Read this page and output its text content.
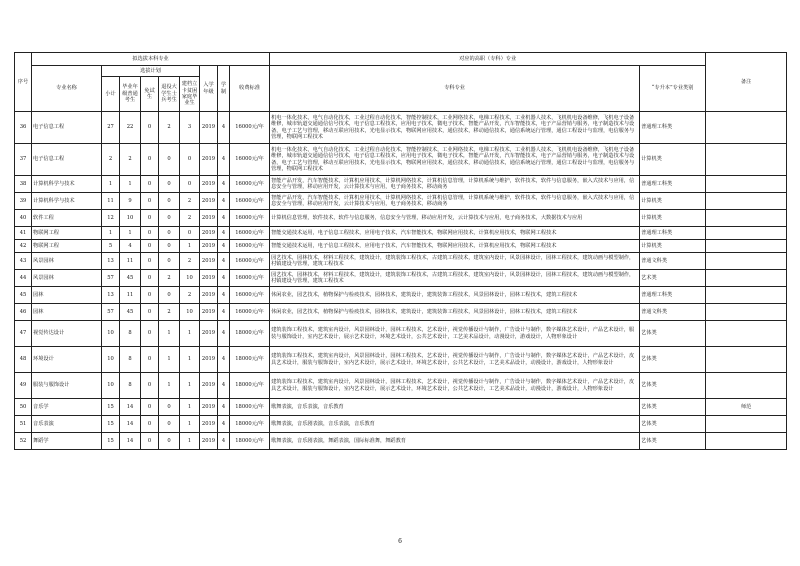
序号	拟选拔本科专业									对应的高职（专科）专业		备注
	专业名称	选拔计划					入学年级	学制	收费标准	专科专业	“专升本”专业类别	
		小计	毕业年级普通考生	免试生	退役大学生士兵考生	建档立卡贫困家庭毕业生						
36	电子信息工程	27	22	0	2	3	2019	4	16000元/年	机电一体化技术，电气自动化技术，工业过程自动化技术，智能控制技术，工业网络技术，电梯工程技术，工业机器人技术，飞机机电设备维修，飞机电子设备维修，城市轨道交通通信信号技术，电子信息工程技术，应用电子技术，微电子技术，智能产品开发，汽车智能技术，电子产品营销与服务，电子制造技术与设备，电子工艺与管理，移动互联应用技术，光电显示技术，物联网应用技术，通信技术，移动通信技术，通信系统运行管理，通信工程设计与监理，电信服务与管理，物联网工程技术	普通理工科类	
37	电子信息工程	2	2	0	0	0	2019	4	16000元/年	机电一体化技术，电气自动化技术，工业过程自动化技术，智能控制技术，工业网络技术，电梯工程技术，工业机器人技术，飞机机电设备维修，飞机电子设备维修，城市轨道交通通信信号技术，电子信息工程技术，应用电子技术，微电子技术，智能产品开发，汽车智能技术，电子产品营销与服务，电子制造技术与设备，电子工艺与管理，移动互联应用技术，光电显示技术，物联网应用技术，通信技术，移动通信技术，通信系统运行管理，通信工程设计与监理，电信服务与管理，物联网工程技术	计算机类	
38	计算机科学与技术	1	1	0	0	0	2019	4	16000元/年	智能产品开发，汽车智能技术，计算机应用技术，计算机网络技术，计算机信息管理，计算机系统与维护，软件技术，软件与信息服务，嵌入式技术与应用，信息安全与管理，移动应用开发，云计算技术与应用，电子商务技术，移动商务	普通理工科类	
39	计算机科学与技术	11	9	0	0	2	2019	4	16000元/年	智能产品开发，汽车智能技术，计算机应用技术，计算机网络技术，计算机信息管理，计算机系统与维护，软件技术，软件与信息服务，嵌入式技术与应用，信息安全与管理，移动应用开发，云计算技术与应用，电子商务技术，移动商务	计算机类	
40	软件工程	12	10	0	0	2	2019	4	16000元/年	计算机信息管理，软件技术，软件与信息服务，信息安全与管理，移动应用开发，云计算技术与应用，电子商务技术，大数据技术与应用	计算机类	
41	物联网工程	1	1	0	0	0	2019	4	16000元/年	智能交通技术运用，电子信息工程技术，应用电子技术，汽车智能技术，物联网应用技术，计算机应用技术，物联网工程技术	普通理工科类	
42	物联网工程	5	4	0	0	1	2019	4	16000元/年	智能交通技术运用，电子信息工程技术，应用电子技术，汽车智能技术，物联网应用技术，计算机应用技术，物联网工程技术	计算机类	
43	风景园林	13	11	0	0	2	2019	4	16000元/年	园艺技术，园林技术，材料工程技术，建筑设计，建筑装饰工程技术，古建筑工程技术，建筑室内设计，风景园林设计，园林工程技术，建筑动画与模型制作，村镇建设与管理，建筑工程技术	普通文科类	
44	风景园林	57	45	0	2	10	2019	4	16000元/年	园艺技术，园林技术，材料工程技术，建筑设计，建筑装饰工程技术，古建筑工程技术，建筑室内设计，风景园林设计，园林工程技术，建筑动画与模型制作，村镇建设与管理，建筑工程技术	艺术类	
45	园林	13	11	0	0	2	2019	4	16000元/年	休闲农业，园艺技术，植物保护与检疫技术，园林技术，建筑设计，建筑装饰工程技术，风景园林设计，园林工程技术，建筑工程技术	普通理工科类	
46	园林	57	45	0	2	10	2019	4	16000元/年	休闲农业，园艺技术，植物保护与检疫技术，园林技术，建筑设计，建筑装饰工程技术，风景园林设计，园林工程技术，建筑工程技术	普通文科类	
47	视觉传达设计	10	8	0	1	1	2019	4	18000元/年	建筑装饰工程技术，建筑室内设计，风景园林设计，园林工程技术，艺术设计，视觉传播设计与制作，广告设计与制作，数字媒体艺术设计，产品艺术设计，服装与服饰设计，室内艺术设计，展示艺术设计，环境艺术设计，公共艺术设计，工艺美术品设计，动漫设计，游戏设计，人物形象设计	艺体类	
48	环境设计	10	8	0	1	1	2019	4	18000元/年	建筑装饰工程技术，建筑室内设计，风景园林设计，园林工程技术，艺术设计，视觉传播设计与制作，广告设计与制作，数字媒体艺术设计，产品艺术设计，皮具艺术设计，服装与服饰设计，室内艺术设计，展示艺术设计，环境艺术设计，公共艺术设计，工艺美术品设计，动漫设计，游戏设计，人物形象设计	艺体类	
49	服装与服饰设计	10	8	0	1	1	2019	4	18000元/年	建筑装饰工程技术，建筑室内设计，风景园林设计，园林工程技术，艺术设计，视觉传播设计与制作，广告设计与制作，数字媒体艺术设计，产品艺术设计，皮具艺术设计，服装与服饰设计，室内艺术设计，展示艺术设计，环境艺术设计，公共艺术设计，工艺美术品设计，动漫设计，游戏设计，人物形象设计	艺体类	
50	音乐学	15	14	0	0	1	2019	4	18000元/年	歌舞表演，音乐表演，音乐教育	艺体类	师范
51	音乐表演	15	14	0	0	1	2019	4	18000元/年	歌舞表演，音乐剧表演，音乐表演，音乐教育	艺体类	
52	舞蹈学	15	14	0	0	1	2019	4	18000元/年	歌舞表演，音乐剧表演，舞蹈表演，国际标准舞，舞蹈教育	艺体类	
6
